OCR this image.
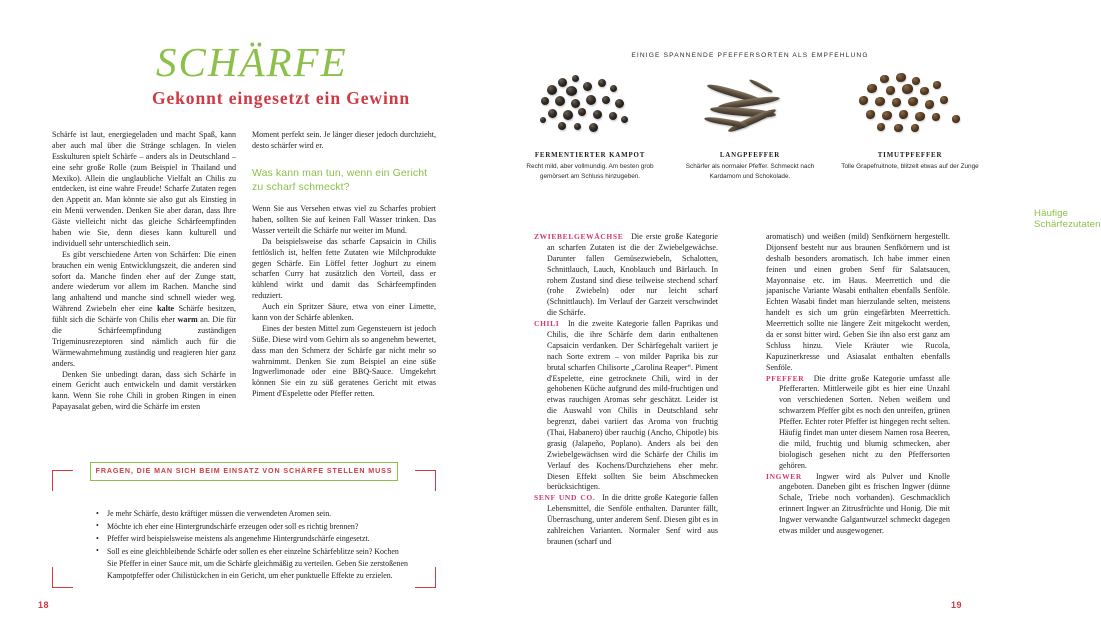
SCHÄRFE
Gekonnt eingesetzt ein Gewinn

Schärfe ist laut, energiegeladen und macht Spaß, kann aber auch mal über die Stränge schlagen. In vielen Esskulturen spielt Schärfe – anders als in Deutschland – eine sehr große Rolle (zum Beispiel in Thailand und Mexiko). Allein die unglaubliche Vielfalt an Chilis zu entdecken, ist eine wahre Freude! Scharfe Zutaten regen den Appetit an. Man könnte sie also gut als Einstieg in ein Menü verwenden. Denken Sie aber daran, dass Ihre Gäste vielleicht nicht das gleiche Schärfeempfinden haben wie Sie, denn dieses kann kulturell und individuell sehr unterschiedlich sein.

Es gibt verschiedene Arten von Schärfen: Die einen brauchen ein wenig Entwicklungszeit, die anderen sind sofort da. Manche finden eher auf der Zunge statt, andere wiederum vor allem im Rachen. Manche sind lang anhaltend und manche sind schnell wieder weg. Während Zwiebeln eher eine kalte Schärfe besitzen, fühlt sich die Schärfe von Chilis eher warm an. Die für die Schärfeempfindung zuständigen Trigeminusrezeptoren sind nämlich auch für die Wärmewahrnehmung zuständig und reagieren hier ganz anders.

Denken Sie unbedingt daran, dass sich Schärfe in einem Gericht auch entwickeln und damit verstärken kann. Wenn Sie rohe Chili in groben Ringen in einen Papayasalat geben, wird die Schärfe im ersten

Moment perfekt sein. Je länger dieser jedoch durchzieht, desto schärfer wird er.

Was kann man tun, wenn ein Gericht zu scharf schmeckt?

Wenn Sie aus Versehen etwas viel zu Scharfes probiert haben, sollten Sie auf keinen Fall Wasser trinken. Das Wasser verteilt die Schärfe nur weiter im Mund.

Da beispielsweise das scharfe Capsaicin in Chilis fettlöslich ist, helfen fette Zutaten wie Milchprodukte gegen Schärfe. Ein Löffel fetter Joghurt zu einem scharfen Curry hat zusätzlich den Vorteil, dass er kühlend wirkt und damit das Schärfeempfinden reduziert.

Auch ein Spritzer Säure, etwa von einer Limette, kann von der Schärfe ablenken.

Eines der besten Mittel zum Gegensteuern ist jedoch Süße. Diese wird vom Gehirn als so angenehm bewertet, dass man den Schmerz der Schärfe gar nicht mehr so wahrnimmt. Denken Sie zum Beispiel an eine süße Ingwerlimonade oder eine BBQ-Sauce. Umgekehrt können Sie ein zu süß geratenes Gericht mit etwas Piment d'Espelette oder Pfeffer retten.

FRAGEN, DIE MAN SICH BEIM EINSATZ VON SCHÄRFE STELLEN MUSS
• Je mehr Schärfe, desto kräftiger müssen die verwendeten Aromen sein.
• Möchte ich eher eine Hintergrundschärfe erzeugen oder soll es richtig brennen?
• Pfeffer wird beispielsweise meistens als angenehme Hintergrundschärfe eingesetzt.
• Soll es eine gleichbleibende Schärfe oder sollen es eher einzelne Schärfeblitze sein? Kochen Sie Pfeffer in einer Sauce mit, um die Schärfe gleichmäßig zu verteilen. Geben Sie zerstoßenen Kampotpfeffer oder Chilistückchen in ein Gericht, um eher punktuelle Effekte zu erzielen.
18
EINIGE SPANNENDE PFEFFERSORTEN ALS EMPFEHLUNG
FERMENTIERTER KAMPOT
Recht mild, aber vollmundig. Am besten grob gemörsert am Schluss hinzugeben.
LANGPFEFFER
Schärfer als normaler Pfeffer. Schmeckt nach Kardamom und Schokolade.
TIMUTPFEFFER
Tolle Grapefruitnote, blitzelt etwas auf der Zunge
Häufige Schärfezutaten

ZWIEBELGEWÄCHSE Die erste große Kategorie an scharfen Zutaten ist die der Zwiebelgewächse. Darunter fallen Gemüsezwiebeln, Schalotten, Schnittlauch, Lauch, Knoblauch und Bärlauch. In rohem Zustand sind diese teilweise stechend scharf (rohe Zwiebeln) oder nur leicht scharf (Schnittlauch). Im Verlauf der Garzeit verschwindet die Schärfe.

CHILI In die zweite Kategorie fallen Paprikas und Chilis, die ihre Schärfe dem darin enthaltenen Capsaicin verdanken. Der Schärfegehalt variiert je nach Sorte extrem – von milder Paprika bis zur brutal scharfen Chilisorte „Carolina Reaper“. Piment d'Espelette, eine getrocknete Chili, wird in der gehobenen Küche aufgrund des mild-fruchtigen und etwas rauchigen Aromas sehr geschätzt. Leider ist die Auswahl von Chilis in Deutschland sehr begrenzt, dabei variiert das Aroma von fruchtig (Thai, Habanero) über rauchig (Ancho, Chipotle) bis grasig (Jalapeño, Poplano). Anders als bei den Zwiebelgewächsen wird die Schärfe der Chilis im Verlauf des Kochens/Durchziehens eher mehr. Diesen Effekt sollten Sie beim Abschmecken berücksichtigen.

SENF UND CO. In die dritte große Kategorie fallen Lebensmittel, die Senföle enthalten. Darunter fällt, Überraschung, unter anderem Senf. Diesen gibt es in zahlreichen Varianten. Normaler Senf wird aus braunen (scharf und

aromatisch) und weißen (mild) Senfkörnern hergestellt. Dijonsenf besteht nur aus braunen Senfkörnern und ist deshalb besonders aromatisch. Ich habe immer einen feinen und einen groben Senf für Salatsaucen, Mayonnaise etc. im Haus. Meerrettich und die japanische Variante Wasabi enthalten ebenfalls Senföle. Echten Wasabi findet man hierzulande selten, meistens handelt es sich um grün eingefärbten Meerrettich. Meerrettich sollte nie längere Zeit mitgekocht werden, da er sonst bitter wird. Geben Sie ihn also erst ganz am Schluss hinzu. Viele Kräuter wie Rucola, Kapuzinerkresse und Asiasalat enthalten ebenfalls Senföle.

PFEFFER Die dritte große Kategorie umfasst alle Pfefferarten. Mittlerweile gibt es hier eine Unzahl von verschiedenen Sorten. Neben weißem und schwarzem Pfeffer gibt es noch den unreifen, grünen Pfeffer. Echter roter Pfeffer ist hingegen recht selten. Häufig findet man unter diesem Namen rosa Beeren, die mild, fruchtig und blumig schmecken, aber biologisch gesehen nicht zu den Pfeffersorten gehören.

INGWER Ingwer wird als Pulver und Knolle angeboten. Daneben gibt es frischen Ingwer (dünne Schale, Triebe noch vorhanden). Geschmacklich erinnert Ingwer an Zitrusfrüchte und Honig. Die mit Ingwer verwandte Galgantwurzel schmeckt dagegen etwas milder und ausgewogener.

19
